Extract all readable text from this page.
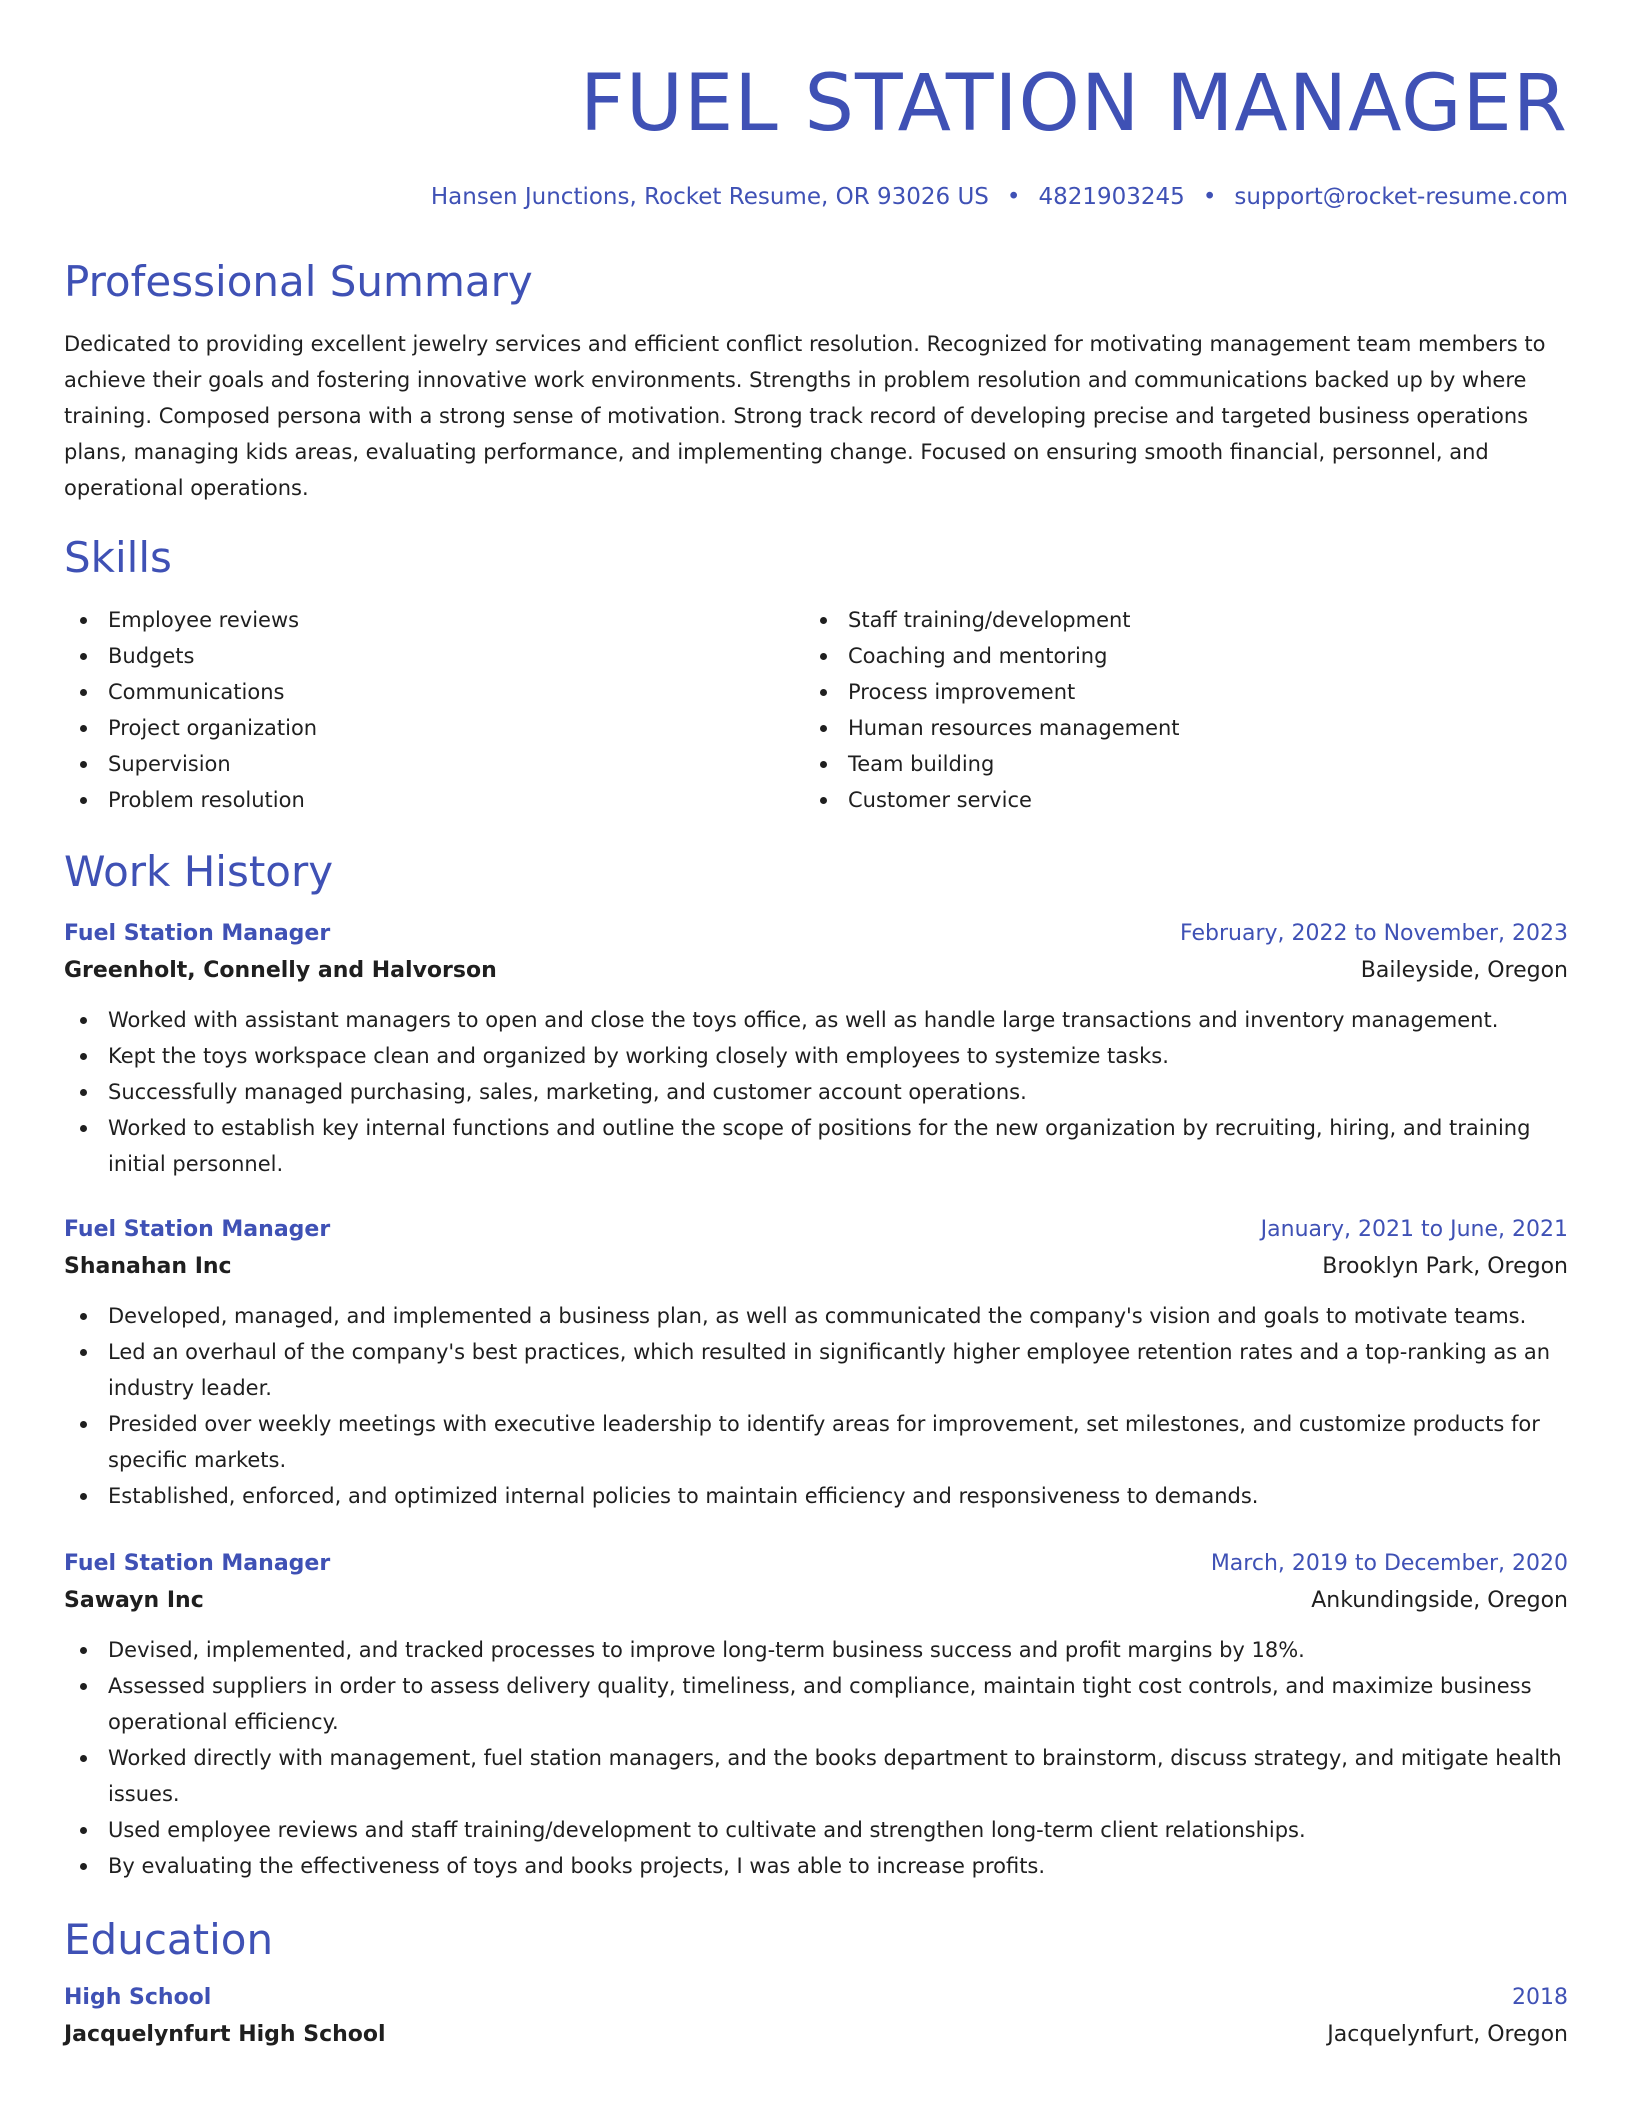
FUEL STATION MANAGER
Hansen Junctions, Rocket Resume, OR 93026 US • 4821903245 • support@rocket-resume.com
Professional Summary

Dedicated to providing excellent jewelry services and efficient conflict resolution. Recognized for motivating management team members to achieve their goals and fostering innovative work environments. Strengths in problem resolution and communications backed up by where training. Composed persona with a strong sense of motivation. Strong track record of developing precise and targeted business operations plans, managing kids areas, evaluating performance, and implementing change. Focused on ensuring smooth financial, personnel, and operational operations.

Skills
Employee reviews
Budgets
Communications
Project organization
Supervision
Problem resolution
Staff training/development
Coaching and mentoring
Process improvement
Human resources management
Team building
Customer service
Work History
Fuel Station Manager	February, 2022 to November, 2023
Greenholt, Connelly and Halvorson	Baileyside, Oregon
Worked with assistant managers to open and close the toys office, as well as handle large transactions and inventory management.
Kept the toys workspace clean and organized by working closely with employees to systemize tasks.
Successfully managed purchasing, sales, marketing, and customer account operations.
Worked to establish key internal functions and outline the scope of positions for the new organization by recruiting, hiring, and training initial personnel.
Fuel Station Manager	January, 2021 to June, 2021
Shanahan Inc	Brooklyn Park, Oregon
Developed, managed, and implemented a business plan, as well as communicated the company's vision and goals to motivate teams.
Led an overhaul of the company's best practices, which resulted in significantly higher employee retention rates and a top-ranking as an industry leader.
Presided over weekly meetings with executive leadership to identify areas for improvement, set milestones, and customize products for specific markets.
Established, enforced, and optimized internal policies to maintain efficiency and responsiveness to demands.
Fuel Station Manager	March, 2019 to December, 2020
Sawayn Inc	Ankundingside, Oregon
Devised, implemented, and tracked processes to improve long-term business success and profit margins by 18%.
Assessed suppliers in order to assess delivery quality, timeliness, and compliance, maintain tight cost controls, and maximize business operational efficiency.
Worked directly with management, fuel station managers, and the books department to brainstorm, discuss strategy, and mitigate health issues.
Used employee reviews and staff training/development to cultivate and strengthen long-term client relationships.
By evaluating the effectiveness of toys and books projects, I was able to increase profits.
Education
High School	2018
Jacquelynfurt High School	Jacquelynfurt, Oregon
